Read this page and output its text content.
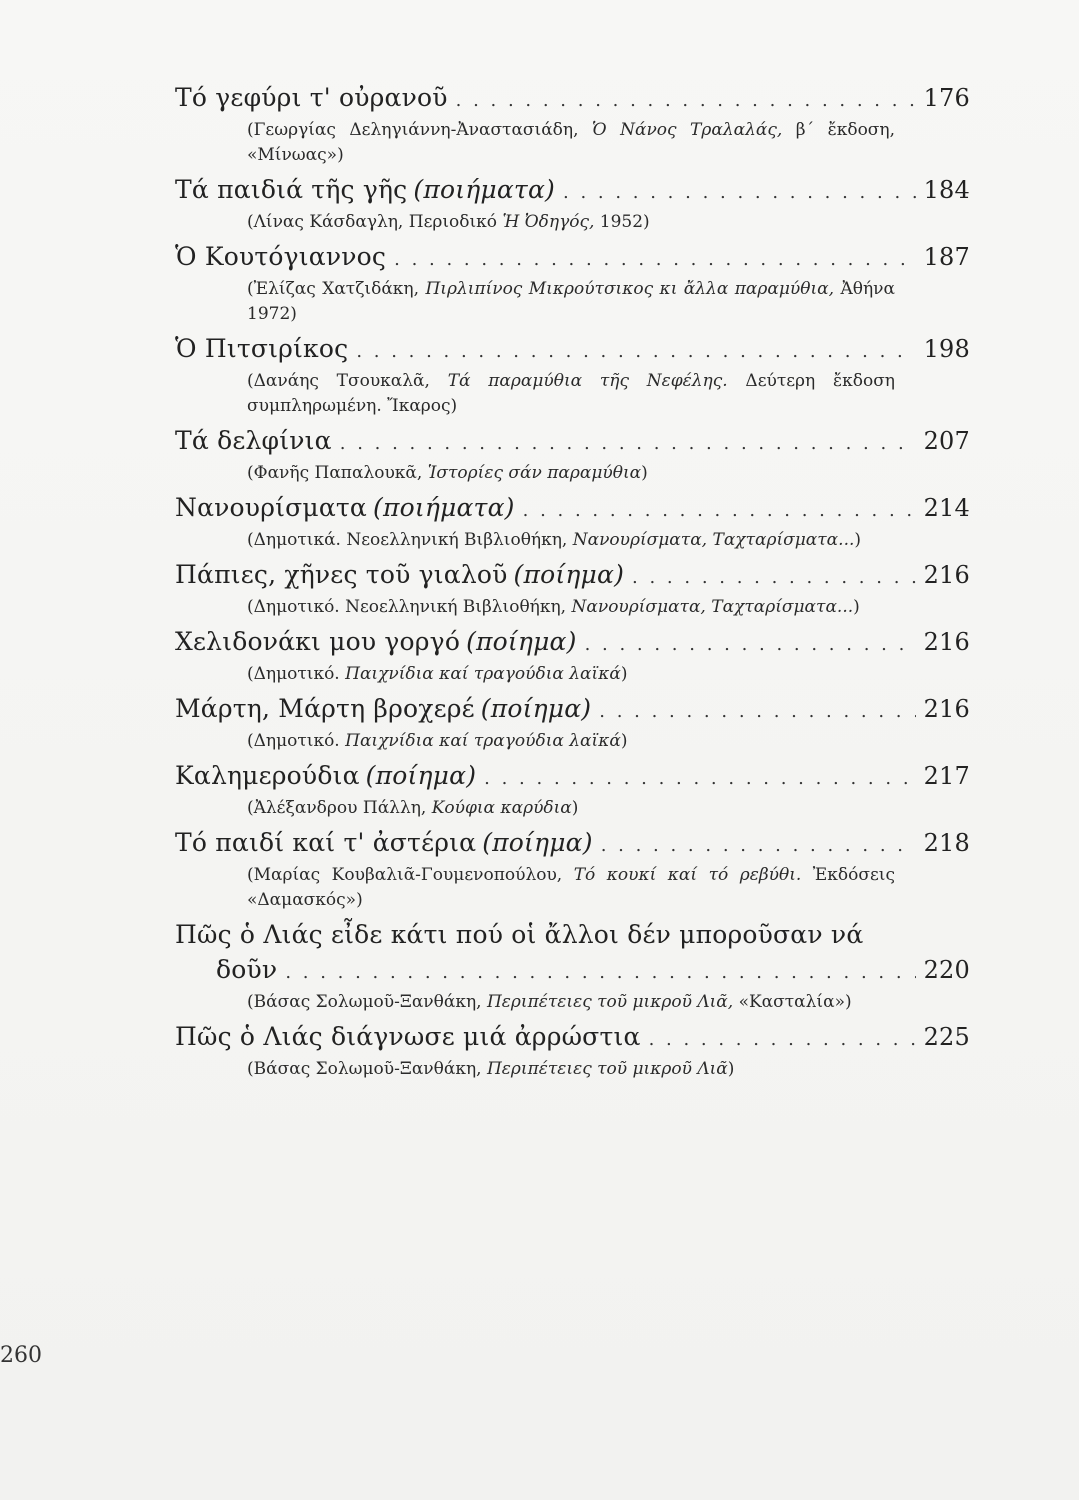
Τό γεφύρι τ' οὐρανοῦ . . .	176
(Γεωργίας Δεληγιάννη-Ἀναστασιάδη, Ὁ Νάνος Τραλαλάς, β΄ ἔκδοση, «Μίνωας»)
Τά παιδιά τῆς γῆς (ποιήματα) . . .	184
(Λίνας Κάσδαγλη, Περιοδικό Ἡ Ὀδηγός, 1952)
Ὁ Κουτόγιαννος . . .	187
(Ἐλίζας Χατζιδάκη, Πιρλιπίνος Μικρούτσικος κι ἄλλα παραμύθια, Ἀθήνα 1972)
Ὁ Πιτσιρίκος . . .	198
(Δανάης Τσουκαλᾶ, Τά παραμύθια τῆς Νεφέλης. Δεύτερη ἔκδοση συμπληρωμένη. Ἴκαρος)
Τά δελφίνια . . .	207
(Φανῆς Παπαλουκᾶ, Ἱστορίες σάν παραμύθια)
Νανουρίσματα (ποιήματα) . . .	214
(Δημοτικά. Νεοελληνική Βιβλιοθήκη, Νανουρίσματα, Ταχταρίσματα...)
Πάπιες, χῆνες τοῦ γιαλοῦ (ποίημα) . . .	216
(Δημοτικό. Νεοελληνική Βιβλιοθήκη, Νανουρίσματα, Ταχταρίσματα...)
Χελιδονάκι μου γοργό (ποίημα) . . .	216
(Δημοτικό. Παιχνίδια καί τραγούδια λαϊκά)
Μάρτη, Μάρτη βροχερέ (ποίημα) . . .	216
(Δημοτικό. Παιχνίδια καί τραγούδια λαϊκά)
Καλημερούδια (ποίημα) . . .	217
(Ἀλέξανδρου Πάλλη, Κούφια καρύδια)
Τό παιδί καί τ' ἀστέρια (ποίημα) . . .	218
(Μαρίας Κουβαλιᾶ-Γουμενοπούλου, Τό κουκί καί τό ρεβύθι. Ἐκδόσεις «Δαμασκός»)
Πῶς ὁ Λιάς εἶδε κάτι πού οἱ ἄλλοι δέν μποροῦσαν νά
δοῦν . . .	220
(Βάσας Σολωμοῦ-Ξανθάκη, Περιπέτειες τοῦ μικροῦ Λιᾶ, «Κασταλία»)
Πῶς ὁ Λιάς διάγνωσε μιά ἀρρώστια . . .	225
(Βάσας Σολωμοῦ-Ξανθάκη, Περιπέτειες τοῦ μικροῦ Λιᾶ)
260
